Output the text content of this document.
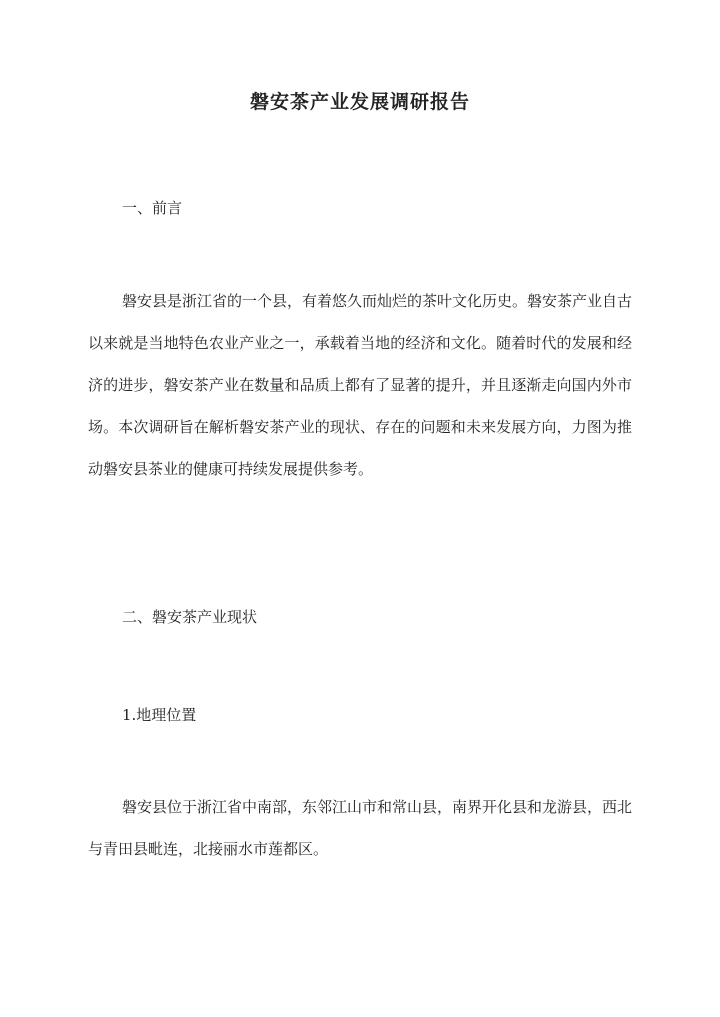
磐安茶产业发展调研报告
一、前言

磐安县是浙江省的一个县，有着悠久而灿烂的茶叶文化历史。磐安茶产业自古以来就是当地特色农业产业之一，承载着当地的经济和文化。随着时代的发展和经济的进步，磐安茶产业在数量和品质上都有了显著的提升，并且逐渐走向国内外市场。本次调研旨在解析磐安茶产业的现状、存在的问题和未来发展方向，力图为推动磐安县茶业的健康可持续发展提供参考。

二、磐安茶产业现状
1.地理位置

磐安县位于浙江省中南部，东邻江山市和常山县，南界开化县和龙游县，西北与青田县毗连，北接丽水市莲都区。
